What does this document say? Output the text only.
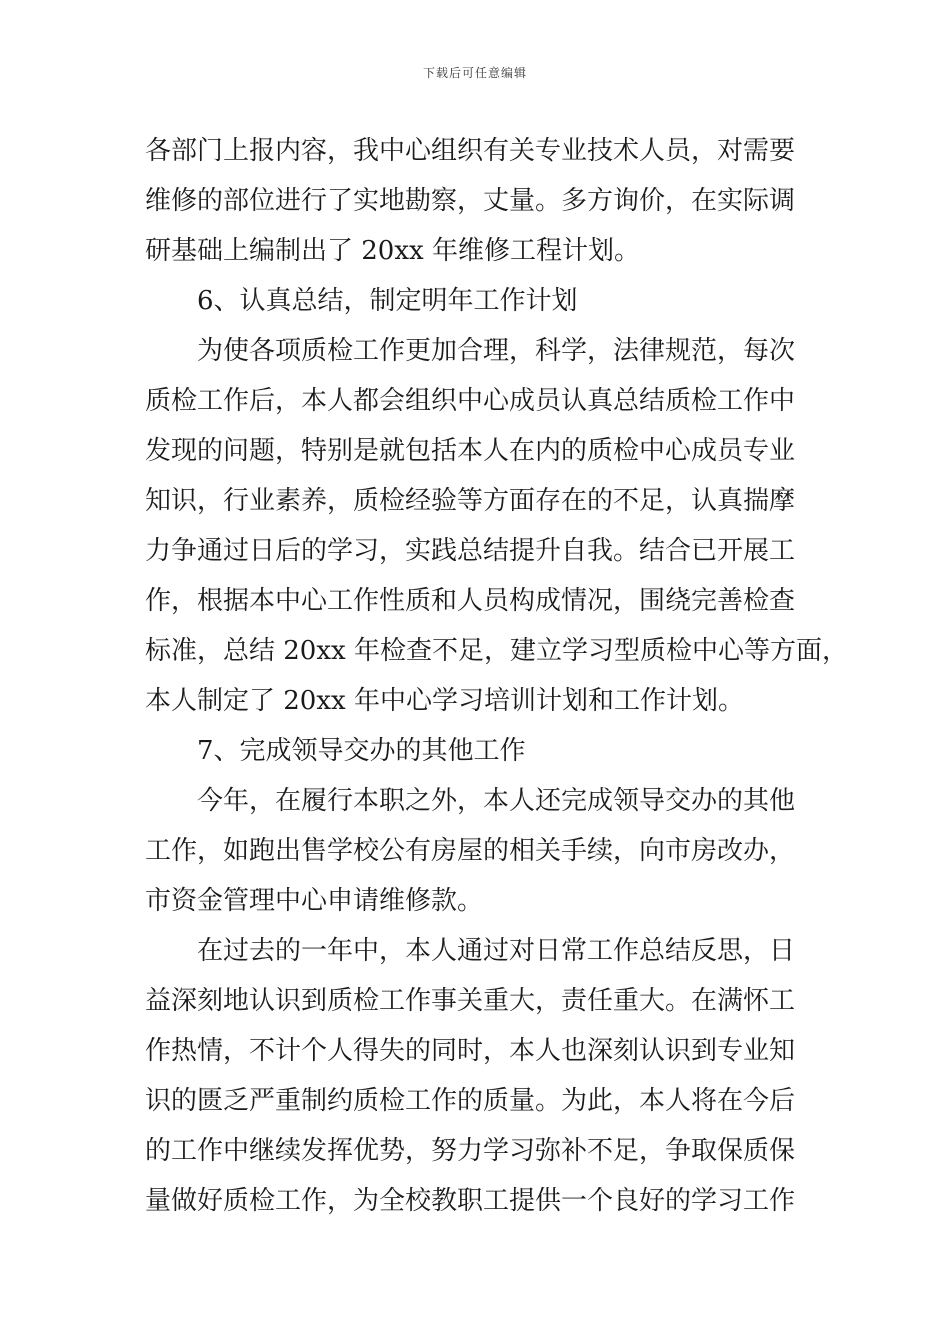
下载后可任意编辑
各部门上报内容，我中心组织有关专业技术人员，对需要
维修的部位进行了实地勘察，丈量。多方询价，在实际调
研基础上编制出了 20xx 年维修工程计划。
6、认真总结，制定明年工作计划
为使各项质检工作更加合理，科学，法律规范，每次
质检工作后，本人都会组织中心成员认真总结质检工作中
发现的问题，特别是就包括本人在内的质检中心成员专业
知识，行业素养，质检经验等方面存在的不足，认真揣摩
力争通过日后的学习，实践总结提升自我。结合已开展工
作，根据本中心工作性质和人员构成情况，围绕完善检查
标准，总结 20xx 年检查不足，建立学习型质检中心等方面，
本人制定了 20xx 年中心学习培训计划和工作计划。
7、完成领导交办的其他工作
今年，在履行本职之外，本人还完成领导交办的其他
工作，如跑出售学校公有房屋的相关手续，向市房改办，
市资金管理中心申请维修款。
在过去的一年中，本人通过对日常工作总结反思，日
益深刻地认识到质检工作事关重大，责任重大。在满怀工
作热情，不计个人得失的同时，本人也深刻认识到专业知
识的匮乏严重制约质检工作的质量。为此，本人将在今后
的工作中继续发挥优势，努力学习弥补不足，争取保质保
量做好质检工作，为全校教职工提供一个良好的学习工作
